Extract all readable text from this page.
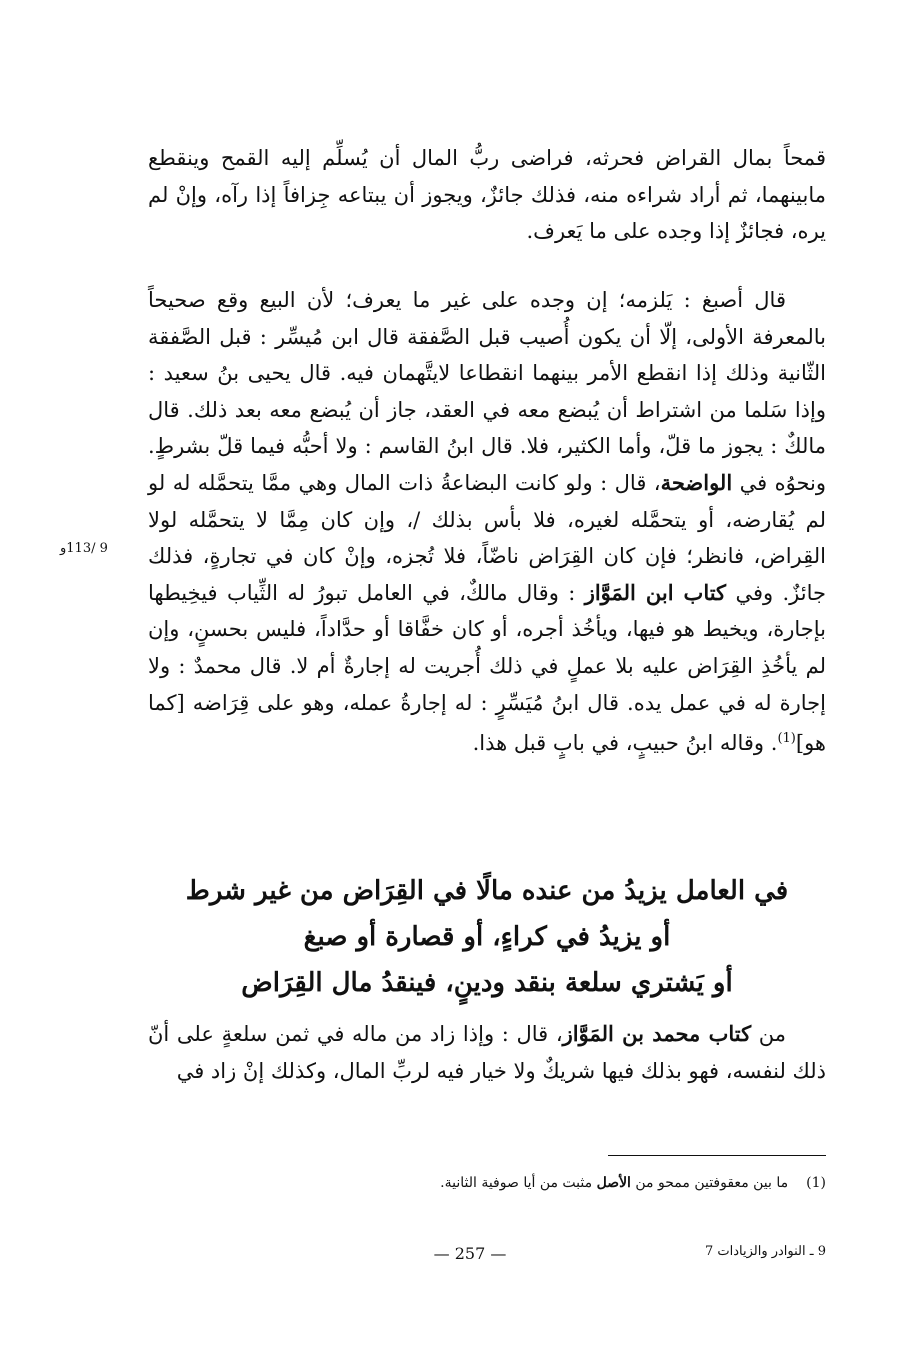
9 /113و

قمحاً بمال القراض فحرثه، فراضى ربُّ المال أن يُسلِّم إليه القمح وينقطع مابينهما، ثم أراد شراءه منه، فذلك جائزٌ، ويجوز أن يبتاعه جِزافاً إذا رآه، وإنْ لم يره، فجائزٌ إذا وجده على ما يَعرف.

قال أصبغ : يَلزمه؛ إن وجده على غير ما يعرف؛ لأن البيع وقع صحيحاً بالمعرفة الأولى، إلّا أن يكون أُصيب قبل الصَّفقة قال ابن مُيسِّر : قبل الصَّفقة الثّانية وذلك إذا انقطع الأمر بينهما انقطاعا لايتَّهمان فيه. قال يحيى بنُ سعيد : وإذا سَلما من اشتراط أن يُبضع معه في العقد، جاز أن يُبضع معه بعد ذلك. قال مالكٌ : يجوز ما قلّ، وأما الكثير، فلا. قال ابنُ القاسم : ولا أحبُّه فيما قلّ بشرطٍ. ونحوُه في الواضحة، قال : ولو كانت البضاعةُ ذات المال وهي ممَّا يتحمَّله له لو لم يُقارضه، أو يتحمَّله لغيره، فلا بأس بذلك /، وإن كان مِمَّا لا يتحمَّله لولا القِراض، فانظر؛ فإن كان القِرَاض ناضّاً، فلا تُجزه، وإنْ كان في تجارةٍ، فذلك جائزٌ. وفي كتاب ابن المَوَّاز : وقال مالكٌ، في العامل تبورُ له الثِّياب فيخِيطها بإجارة، ويخيط هو فيها، ويأخُذ أجره، أو كان خفَّاقا أو حدَّاداً، فليس بحسنٍ، وإن لم يأخُذِ القِرَاض عليه بلا عملٍ في ذلك أُجريت له إجارةٌ أم لا. قال محمدٌ : ولا إجارة له في عمل يده. قال ابنُ مُيَسِّرٍ : له إجارةُ عمله، وهو على قِرَاضه [كما هو]$^{(1)}$. وقاله ابنُ حبيبٍ، في بابٍ قبل هذا.

في العامل يزيدُ من عنده مالًا في القِرَاض من غير شرط
أو يزيدُ في كراءٍ، أو قصارة أو صبغ
أو يَشتري سلعة بنقد ودينٍ، فينقدُ مال القِرَاض

من كتاب محمد بن المَوَّاز، قال : وإذا زاد من ماله في ثمن سلعةٍ على أنّ ذلك لنفسه، فهو بذلك فيها شريكٌ ولا خيار فيه لربِّ المال، وكذلك إنْ زاد في

(1)ما بين معقوفتين ممحو من الأصل مثبت من أيا صوفية الثانية.
— 257 —	9 ـ النوادر والزيادات 7
